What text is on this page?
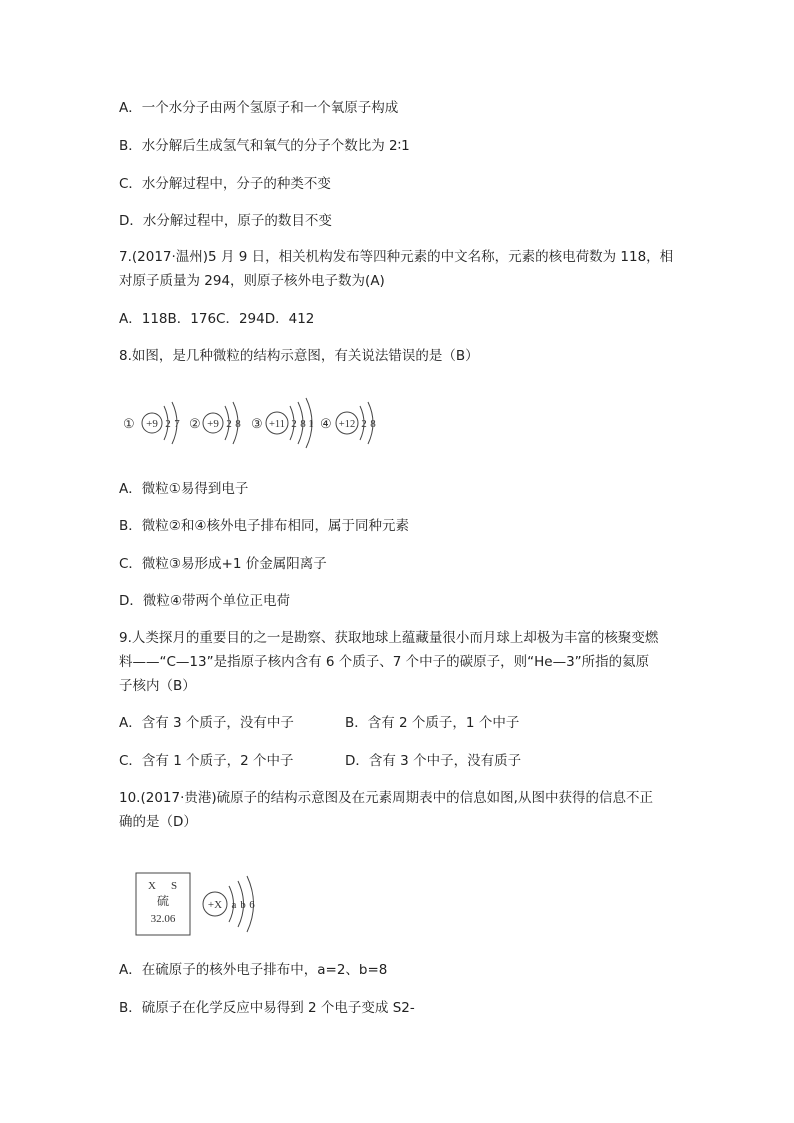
A．一个水分子由两个氢原子和一个氧原子构成
B．水分解后生成氢气和氧气的分子个数比为 2∶1
C．水分解过程中，分子的种类不变
D．水分解过程中，原子的数目不变
7.(2017·温州)5 月 9 日，相关机构发布等四种元素的中文名称，元素的核电荷数为 118，相
对原子质量为 294，则原子核外电子数为(A)
A．118B．176C．294D．412
8.如图，是几种微粒的结构示意图，有关说法错误的是（B）
① +9 2 7 ② +9 2 8 ③ +11 2 8 1 ④ +12 2 8
A．微粒①易得到电子
B．微粒②和④核外电子排布相同，属于同种元素
C．微粒③易形成+1 价金属阳离子
D．微粒④带两个单位正电荷
9.人类探月的重要目的之一是勘察、获取地球上蕴藏量很小而月球上却极为丰富的核聚变燃
料——“C—13”是指原子核内含有 6 个质子、7 个中子的碳原子，则“He—3”所指的氦原
子核内（B）
A．含有 3 个质子，没有中子	B．含有 2 个质子，1 个中子
C．含有 1 个质子，2 个中子	D．含有 3 个中子，没有质子
10.(2017·贵港)硫原子的结构示意图及在元素周期表中的信息如图,从图中获得的信息不正
确的是（D）
X S
硫
32.06
+X a b 6
A．在硫原子的核外电子排布中，a=2、b=8
B．硫原子在化学反应中易得到 2 个电子变成 S2-
